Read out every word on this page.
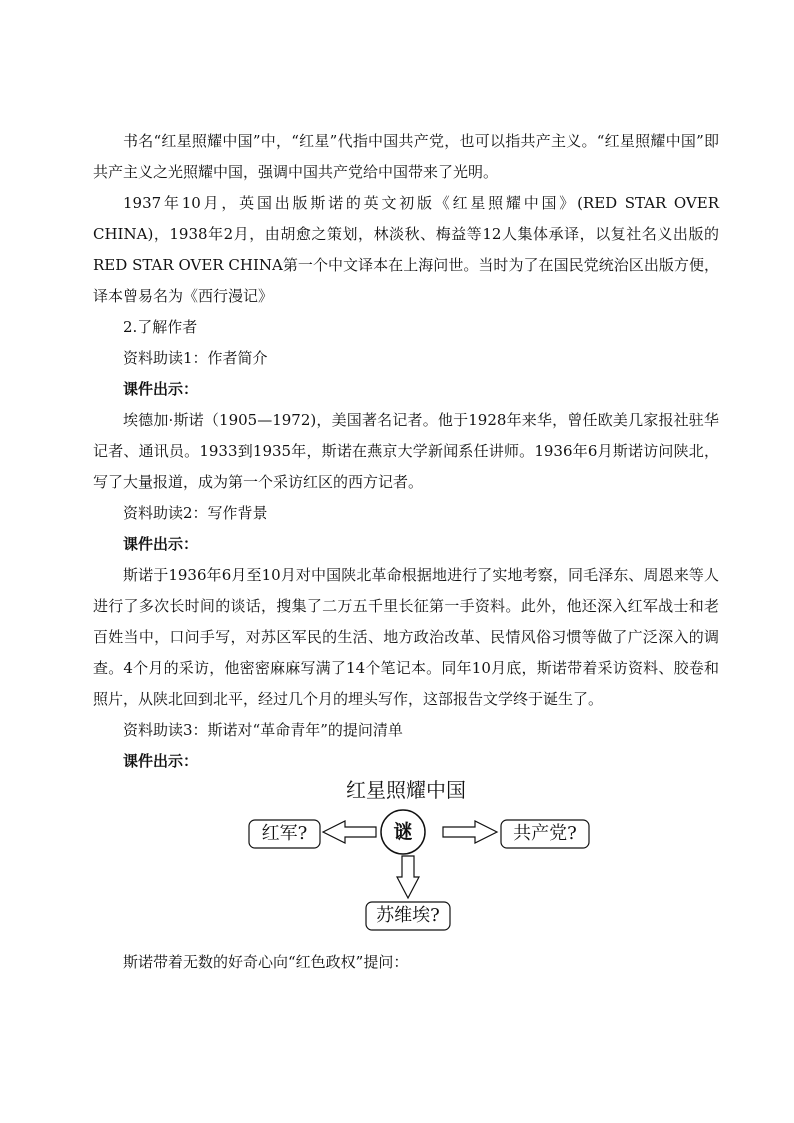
书名“红星照耀中国”中，“红星”代指中国共产党，也可以指共产主义。“红星照耀中国”即共产主义之光照耀中国，强调中国共产党给中国带来了光明。

1937年10月，英国出版斯诺的英文初版《红星照耀中国》(RED STAR OVER CHINA)，1938年2月，由胡愈之策划，林淡秋、梅益等12人集体承译，以复社名义出版的RED STAR OVER CHINA第一个中文译本在上海问世。当时为了在国民党统治区出版方便，译本曾易名为《西行漫记》

2.了解作者

资料助读1：作者简介

课件出示：

埃德加·斯诺（1905—1972)，美国著名记者。他于1928年来华，曾任欧美几家报社驻华记者、通讯员。1933到1935年，斯诺在燕京大学新闻系任讲师。1936年6月斯诺访问陕北，写了大量报道，成为第一个采访红区的西方记者。

资料助读2：写作背景

课件出示：

斯诺于1936年6月至10月对中国陕北革命根据地进行了实地考察，同毛泽东、周恩来等人进行了多次长时间的谈话，搜集了二万五千里长征第一手资料。此外，他还深入红军战士和老百姓当中，口问手写，对苏区军民的生活、地方政治改革、民情风俗习惯等做了广泛深入的调查。4个月的采访，他密密麻麻写满了14个笔记本。同年10月底，斯诺带着采访资料、胶卷和照片，从陕北回到北平，经过几个月的埋头写作，这部报告文学终于诞生了。

资料助读3：斯诺对“革命青年”的提问清单

课件出示：

红星照耀中国
谜
红军?	共产党?
苏维埃?

斯诺带着无数的好奇心向“红色政权”提问：
